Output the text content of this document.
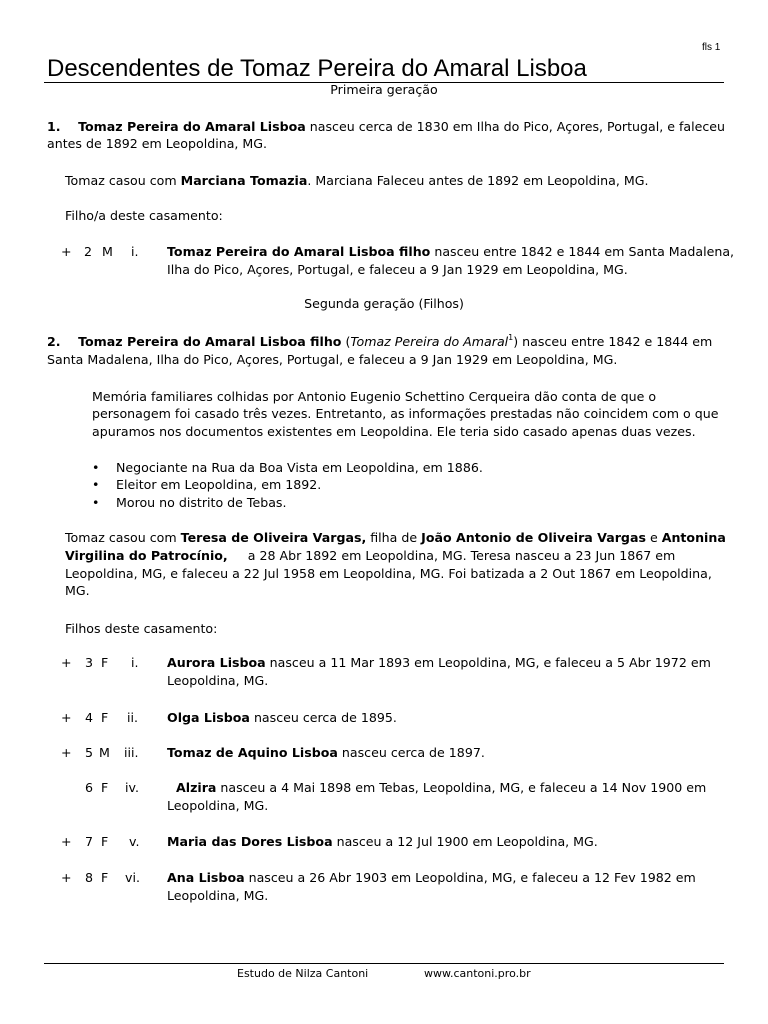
fls 1
Descendentes de Tomaz Pereira do Amaral Lisboa
Primeira geração
1. Tomaz Pereira do Amaral Lisboa nasceu cerca de 1830 em Ilha do Pico, Açores, Portugal, e faleceu
antes de 1892 em Leopoldina, MG.
Tomaz casou com Marciana Tomazia. Marciana Faleceu antes de 1892 em Leopoldina, MG.
Filho/a deste casamento:
+ 2 M i. Tomaz Pereira do Amaral Lisboa filho nasceu entre 1842 e 1844 em Santa Madalena,
Ilha do Pico, Açores, Portugal, e faleceu a 9 Jan 1929 em Leopoldina, MG.
Segunda geração (Filhos)
2. Tomaz Pereira do Amaral Lisboa filho (Tomaz Pereira do Amaral$^1$) nasceu entre 1842 e 1844 em
Santa Madalena, Ilha do Pico, Açores, Portugal, e faleceu a 9 Jan 1929 em Leopoldina, MG.
Memória familiares colhidas por Antonio Eugenio Schettino Cerqueira dão conta de que o
personagem foi casado três vezes. Entretanto, as informações prestadas não coincidem com o que
apuramos nos documentos existentes em Leopoldina. Ele teria sido casado apenas duas vezes.
• Negociante na Rua da Boa Vista em Leopoldina, em 1886.
• Eleitor em Leopoldina, em 1892.
• Morou no distrito de Tebas.
Tomaz casou com Teresa de Oliveira Vargas, filha de João Antonio de Oliveira Vargas e Antonina
Virgilina do Patrocínio, a 28 Abr 1892 em Leopoldina, MG. Teresa nasceu a 23 Jun 1867 em
Leopoldina, MG, e faleceu a 22 Jul 1958 em Leopoldina, MG. Foi batizada a 2 Out 1867 em Leopoldina,
MG.
Filhos deste casamento:
+ 3 F i. Aurora Lisboa nasceu a 11 Mar 1893 em Leopoldina, MG, e faleceu a 5 Abr 1972 em
Leopoldina, MG.
+ 4 F ii. Olga Lisboa nasceu cerca de 1895.
+ 5 M iii. Tomaz de Aquino Lisboa nasceu cerca de 1897.
6 F iv.	Alzira nasceu a 4 Mai 1898 em Tebas, Leopoldina, MG, e faleceu a 14 Nov 1900 em
Leopoldina, MG.
+ 7 F v. Maria das Dores Lisboa nasceu a 12 Jul 1900 em Leopoldina, MG.
+ 8 F vi. Ana Lisboa nasceu a 26 Abr 1903 em Leopoldina, MG, e faleceu a 12 Fev 1982 em
Leopoldina, MG.
Estudo de Nilza Cantoni	www.cantoni.pro.br
